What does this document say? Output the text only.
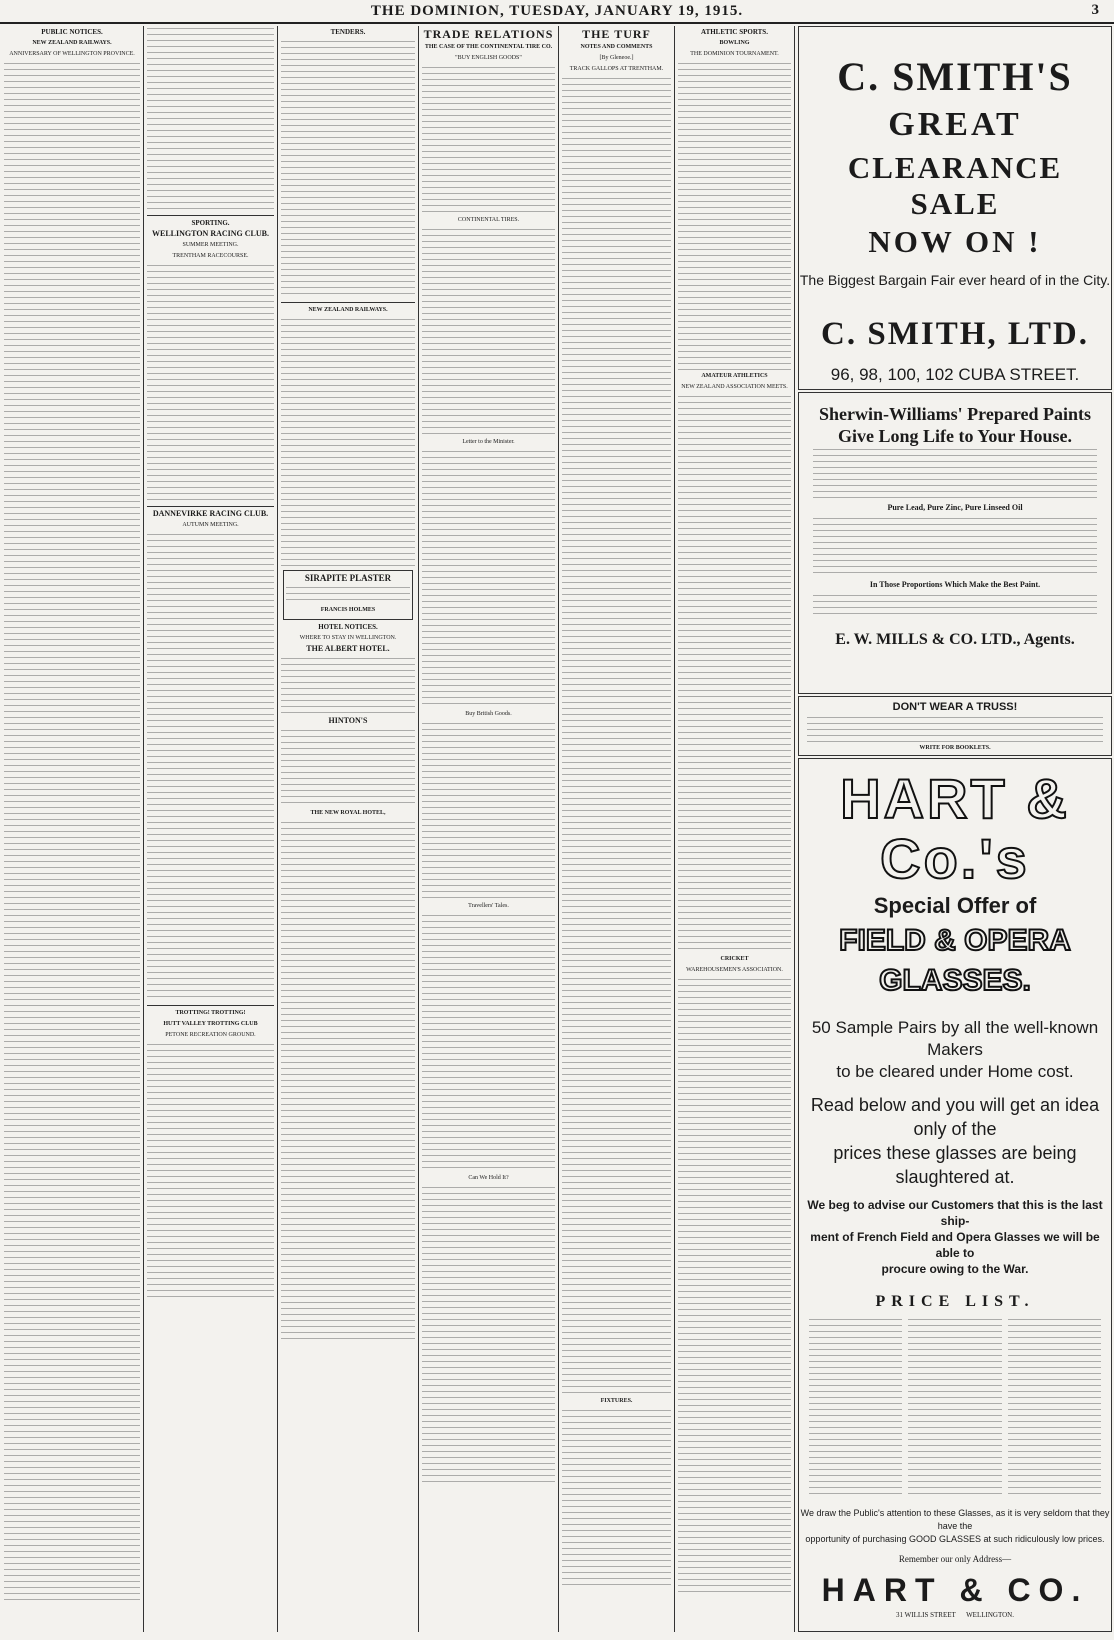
THE DOMINION, TUESDAY, JANUARY 19, 1915.	3
PUBLIC NOTICES.
NEW ZEALAND RAILWAYS.
ANNIVERSARY OF WELLINGTON PROVINCE.
SPORTING.
WELLINGTON RACING CLUB.
SUMMER MEETING.
TRENTHAM RACECOURSE.
DANNEVIRKE RACING CLUB.
AUTUMN MEETING.
TROTTING! TROTTING!
HUTT VALLEY TROTTING CLUB
PETONE RECREATION GROUND.
TENDERS.
NEW ZEALAND RAILWAYS.
SIRAPITE PLASTER
FRANCIS HOLMES
HOTEL NOTICES.
WHERE TO STAY IN WELLINGTON.
THE ALBERT HOTEL.
HINTON'S
THE NEW ROYAL HOTEL,
TRADE RELATIONS
THE CASE OF THE CONTINENTAL TIRE CO.
"BUY ENGLISH GOODS"
CONTINENTAL TIRES.
Letter to the Minister.
Buy British Goods.
Travellers' Tales.
Can We Hold It?
THE TURF
NOTES AND COMMENTS
[By Gleneoe.]
TRACK GALLOPS AT TRENTHAM.
FIXTURES.
ATHLETIC SPORTS.
BOWLING
THE DOMINION TOURNAMENT.
AMATEUR ATHLETICS
NEW ZEALAND ASSOCIATION MEETS.
CRICKET
WAREHOUSEMEN'S ASSOCIATION.
C. SMITH'S
GREAT
CLEARANCE SALE
NOW ON !
The Biggest Bargain Fair ever heard of in the City.
C. SMITH, LTD.
96, 98, 100, 102 CUBA STREET.
Sherwin-Williams' Prepared Paints
Give Long Life to Your House.
Pure Lead, Pure Zinc, Pure Linseed Oil
In Those Proportions Which Make the Best Paint.
E. W. MILLS & CO. LTD., Agents.
DON'T WEAR A TRUSS!
WRITE FOR BOOKLETS.
HART & Co.'s
Special Offer of
FIELD & OPERA GLASSES.
50 Sample Pairs by all the well-known Makers
to be cleared under Home cost.
Read below and you will get an idea only of the
prices these glasses are being slaughtered at.
We beg to advise our Customers that this is the last ship-
ment of French Field and Opera Glasses we will be able to
procure owing to the War.
PRICE LIST.
We draw the Public's attention to these Glasses, as it is very seldom that they have the
opportunity of purchasing GOOD GLASSES at such ridiculously low prices.
Remember our only Address—
HART & CO.
31 WILLIS STREET WELLINGTON.
